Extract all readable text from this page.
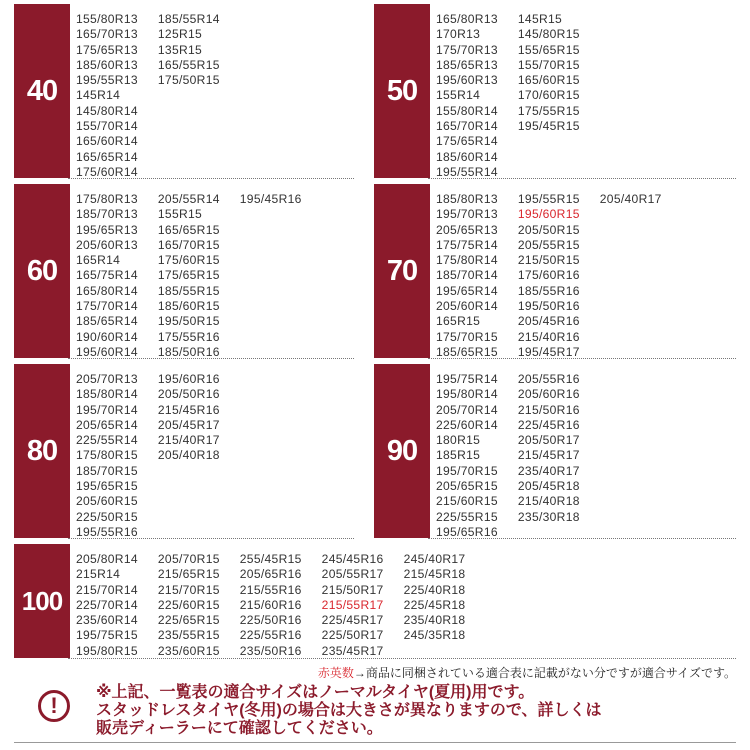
40
155/80R13
165/70R13
175/65R13
185/60R13
195/55R13
145R14
145/80R14
155/70R14
165/60R14
165/65R14
175/60R14
185/55R14
125R15
135R15
165/55R15
175/50R15	50
165/80R13
170R13
175/70R13
185/65R13
195/60R13
155R14
155/80R14
165/70R14
175/65R14
185/60R14
195/55R14
145R15
145/80R15
155/65R15
155/70R15
165/60R15
170/60R15
175/55R15
195/45R15
60
175/80R13
185/70R13
195/65R13
205/60R13
165R14
165/75R14
165/80R14
175/70R14
185/65R14
190/60R14
195/60R14
205/55R14
155R15
165/65R15
165/70R15
175/60R15
175/65R15
185/55R15
185/60R15
195/50R15
175/55R16
185/50R16
195/45R16
70
185/80R13
195/70R13
205/65R13
175/75R14
175/80R14
185/70R14
195/65R14
205/60R14
165R15
175/70R15
185/65R15
195/55R15
195/60R15
205/50R15
205/55R15
215/50R15
175/60R16
185/55R16
195/50R16
205/45R16
215/40R16
195/45R17
205/40R17
80
205/70R13
185/80R14
195/70R14
205/65R14
225/55R14
175/80R15
185/70R15
195/65R15
205/60R15
225/50R15
195/55R16
195/60R16
205/50R16
215/45R16
205/45R17
215/40R17
205/40R18	90
195/75R14
195/80R14
205/70R14
225/60R14
180R15
185R15
195/70R15
205/65R15
215/60R15
225/55R15
195/65R16
205/55R16
205/60R16
215/50R16
225/45R16
205/50R17
215/45R17
235/40R17
205/45R18
215/40R18
235/30R18
100
205/80R14
215R14
215/70R14
225/70R14
235/60R14
195/75R15
195/80R15
205/70R15
215/65R15
215/70R15
225/60R15
225/65R15
235/55R15
235/60R15
255/45R15
205/65R16
215/55R16
215/60R16
225/50R16
225/55R16
235/50R16
245/45R16
205/55R17
215/50R17
215/55R17
225/45R17
225/50R17
235/45R17
245/40R17
215/45R18
225/40R18
225/45R18
235/40R18
245/35R18
赤英数→商品に同梱されている適合表に記載がない分ですが適合サイズです。
!
※上記、一覧表の適合サイズはノーマルタイヤ(夏用)用です。
スタッドレスタイヤ(冬用)の場合は大きさが異なりますので、詳しくは
販売ディーラーにて確認してください。
